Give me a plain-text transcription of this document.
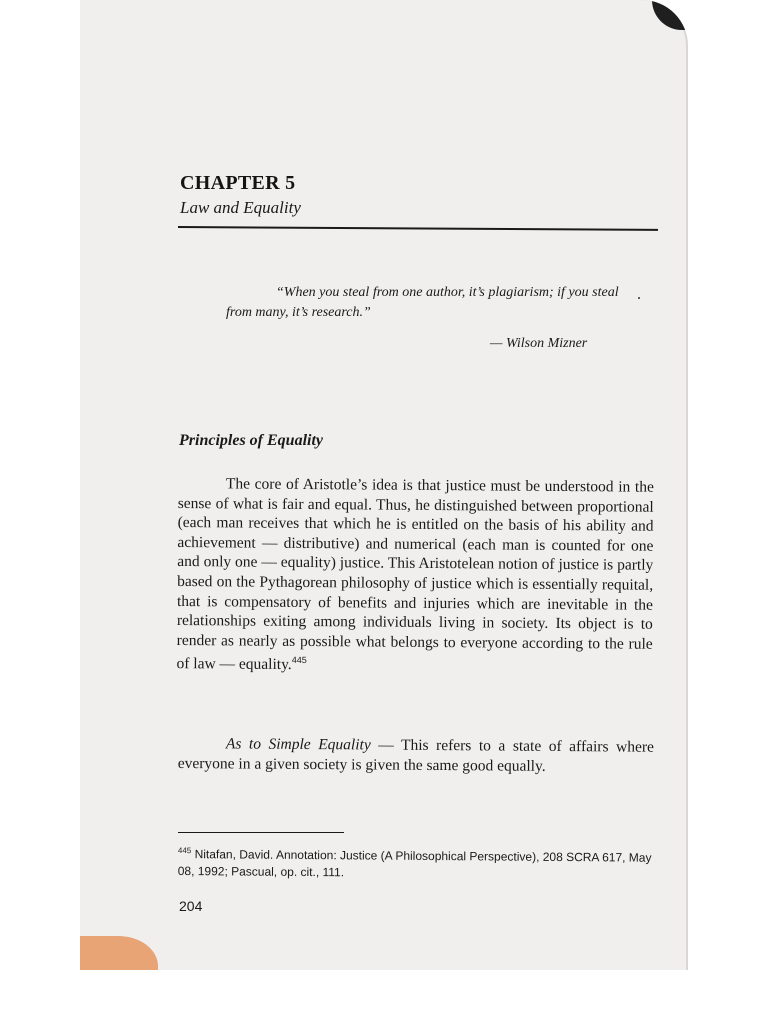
CHAPTER 5
Law and Equality
“When you steal from one author, it’s plagiarism; if you steal from many, it’s research.”
— Wilson Mizner
Principles of Equality

The core of Aristotle’s idea is that justice must be understood in the sense of what is fair and equal. Thus, he distinguished between proportional (each man receives that which he is entitled on the basis of his ability and achievement — distributive) and numerical (each man is counted for one and only one — equality) justice. This Aristotelean notion of justice is partly based on the Pythagorean philosophy of justice which is essentially requital, that is compensatory of benefits and injuries which are inevitable in the relationships exiting among individuals living in society. Its object is to render as nearly as possible what belongs to everyone according to the rule of law — equality.$^{445}$

As to Simple Equality — This refers to a state of affairs where everyone in a given society is given the same good equally.

$^{445}$ Nitafan, David. Annotation: Justice (A Philosophical Perspective), 208 SCRA 617, May 08, 1992; Pascual, op. cit., 111.

204
